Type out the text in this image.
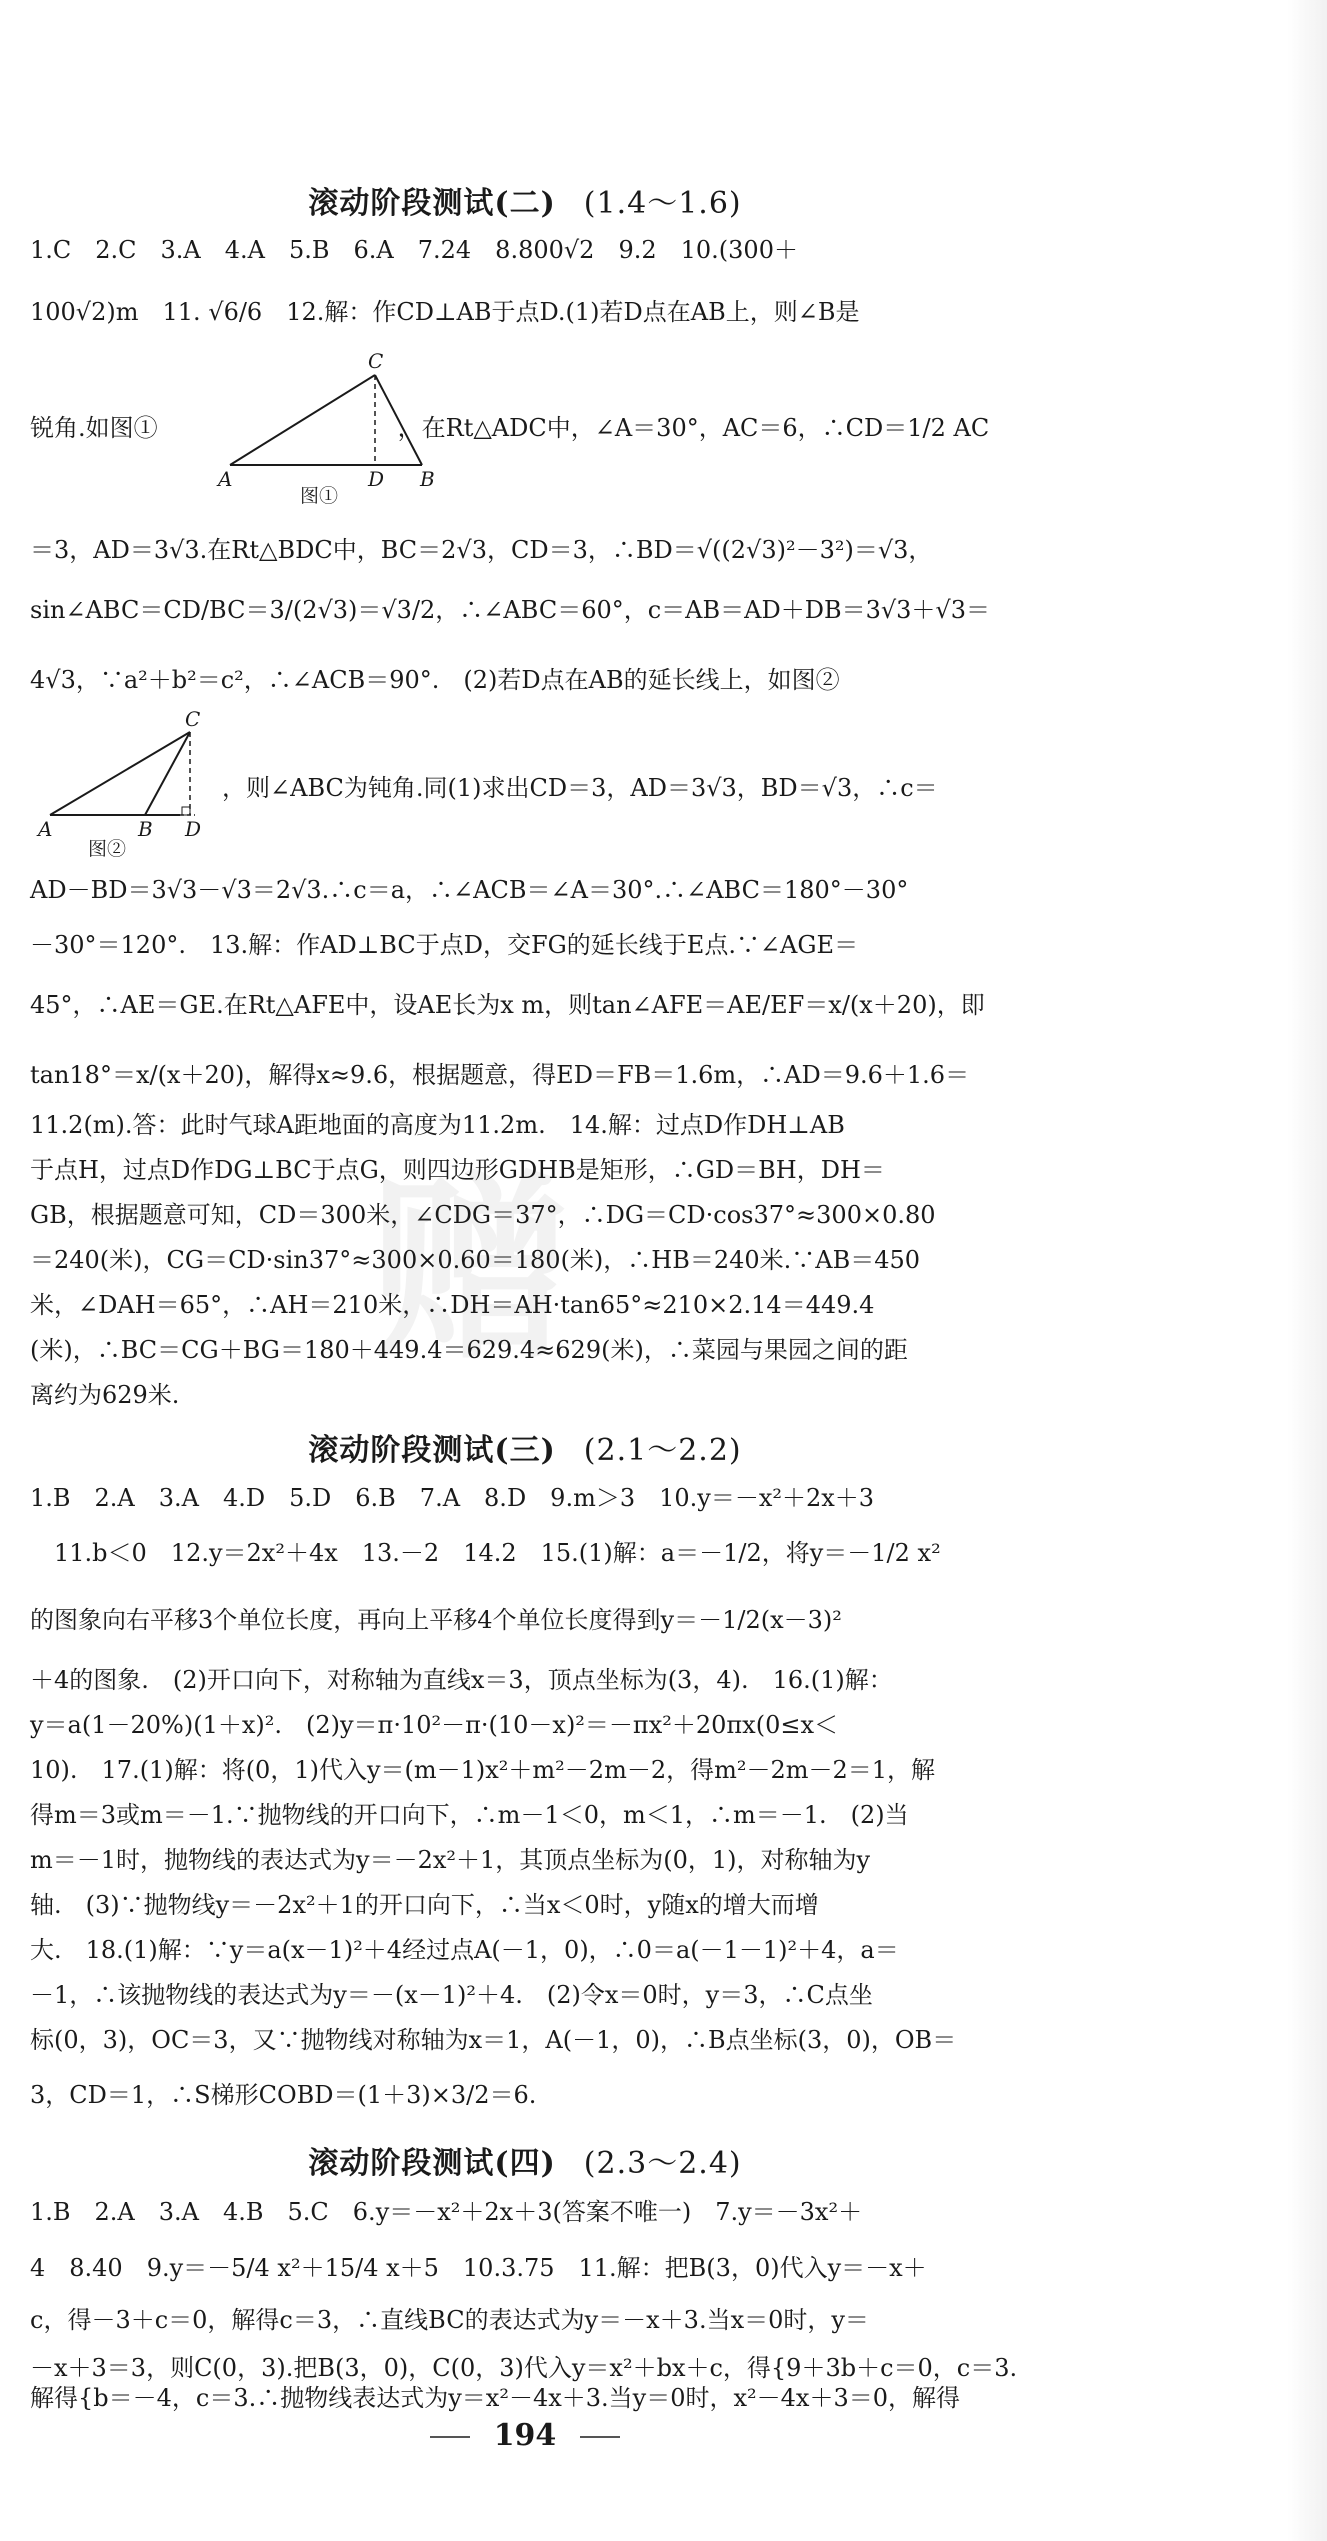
赠
滚动阶段测试(二) (1.4～1.6)
1.C　2.C　3.A　4.A　5.B　6.A　7.24　8.800√2　9.2　10.(300＋
100√2)m　11. √6/6　12.解：作CD⊥AB于点D.(1)若D点在AB上，则∠B是
锐角.如图①　　　　　　　　　　，在Rt△ADC中，∠A＝30°，AC＝6，∴CD＝1/2 AC
C
A	D B
图①
＝3，AD＝3√3.在Rt△BDC中，BC＝2√3，CD＝3，∴BD＝√((2√3)²－3²)＝√3，
sin∠ABC＝CD/BC＝3/(2√3)＝√3/2，∴∠ABC＝60°，c＝AB＝AD＋DB＝3√3＋√3＝
4√3，∵a²＋b²＝c²，∴∠ACB＝90°.　(2)若D点在AB的延长线上，如图②
C
A	B D
图②
　　　　　　　　，则∠ABC为钝角.同(1)求出CD＝3，AD＝3√3，BD＝√3，∴c＝
AD－BD＝3√3－√3＝2√3.∴c＝a，∴∠ACB＝∠A＝30°.∴∠ABC＝180°－30°
－30°＝120°.　13.解：作AD⊥BC于点D，交FG的延长线于E点.∵∠AGE＝
45°，∴AE＝GE.在Rt△AFE中，设AE长为x m，则tan∠AFE＝AE/EF＝x/(x＋20)，即
tan18°＝x/(x＋20)，解得x≈9.6，根据题意，得ED＝FB＝1.6m，∴AD＝9.6＋1.6＝
11.2(m).答：此时气球A距地面的高度为11.2m.　14.解：过点D作DH⊥AB
于点H，过点D作DG⊥BC于点G，则四边形GDHB是矩形，∴GD＝BH，DH＝
GB，根据题意可知，CD＝300米，∠CDG＝37°，∴DG＝CD·cos37°≈300×0.80
＝240(米)，CG＝CD·sin37°≈300×0.60＝180(米)，∴HB＝240米.∵AB＝450
米，∠DAH＝65°，∴AH＝210米，∴DH＝AH·tan65°≈210×2.14＝449.4
(米)，∴BC＝CG＋BG＝180＋449.4＝629.4≈629(米)，∴菜园与果园之间的距
离约为629米.
滚动阶段测试(三) (2.1～2.2)
1.B　2.A　3.A　4.D　5.D　6.B　7.A　8.D　9.m＞3　10.y＝－x²＋2x＋3
　11.b＜0　12.y＝2x²＋4x　13.－2　14.2　15.(1)解：a＝－1/2，将y＝－1/2 x²
的图象向右平移3个单位长度，再向上平移4个单位长度得到y＝－1/2(x－3)²
＋4的图象.　(2)开口向下，对称轴为直线x＝3，顶点坐标为(3，4).　16.(1)解：
y＝a(1－20%)(1＋x)².　(2)y＝π·10²－π·(10－x)²＝－πx²＋20πx(0≤x＜
10).　17.(1)解：将(0，1)代入y＝(m－1)x²＋m²－2m－2，得m²－2m－2＝1，解
得m＝3或m＝－1.∵抛物线的开口向下，∴m－1＜0，m＜1，∴m＝－1.　(2)当
m＝－1时，抛物线的表达式为y＝－2x²＋1，其顶点坐标为(0，1)，对称轴为y
轴.　(3)∵抛物线y＝－2x²＋1的开口向下，∴当x＜0时，y随x的增大而增
大.　18.(1)解：∵y＝a(x－1)²＋4经过点A(－1，0)，∴0＝a(－1－1)²＋4，a＝
－1，∴该抛物线的表达式为y＝－(x－1)²＋4.　(2)令x＝0时，y＝3，∴C点坐
标(0，3)，OC＝3，又∵抛物线对称轴为x＝1，A(－1，0)，∴B点坐标(3，0)，OB＝
3，CD＝1，∴S梯形COBD＝(1＋3)×3/2＝6.
滚动阶段测试(四) (2.3～2.4)
1.B　2.A　3.A　4.B　5.C　6.y＝－x²＋2x＋3(答案不唯一)　7.y＝－3x²＋
4　8.40　9.y＝－5/4 x²＋15/4 x＋5　10.3.75　11.解：把B(3，0)代入y＝－x＋
c，得－3＋c＝0，解得c＝3，∴直线BC的表达式为y＝－x＋3.当x＝0时，y＝
－x＋3＝3，则C(0，3).把B(3，0)，C(0，3)代入y＝x²＋bx＋c，得{9＋3b＋c＝0，c＝3.
解得{b＝－4，c＝3.∴抛物线表达式为y＝x²－4x＋3.当y＝0时，x²－4x＋3＝0，解得
194
